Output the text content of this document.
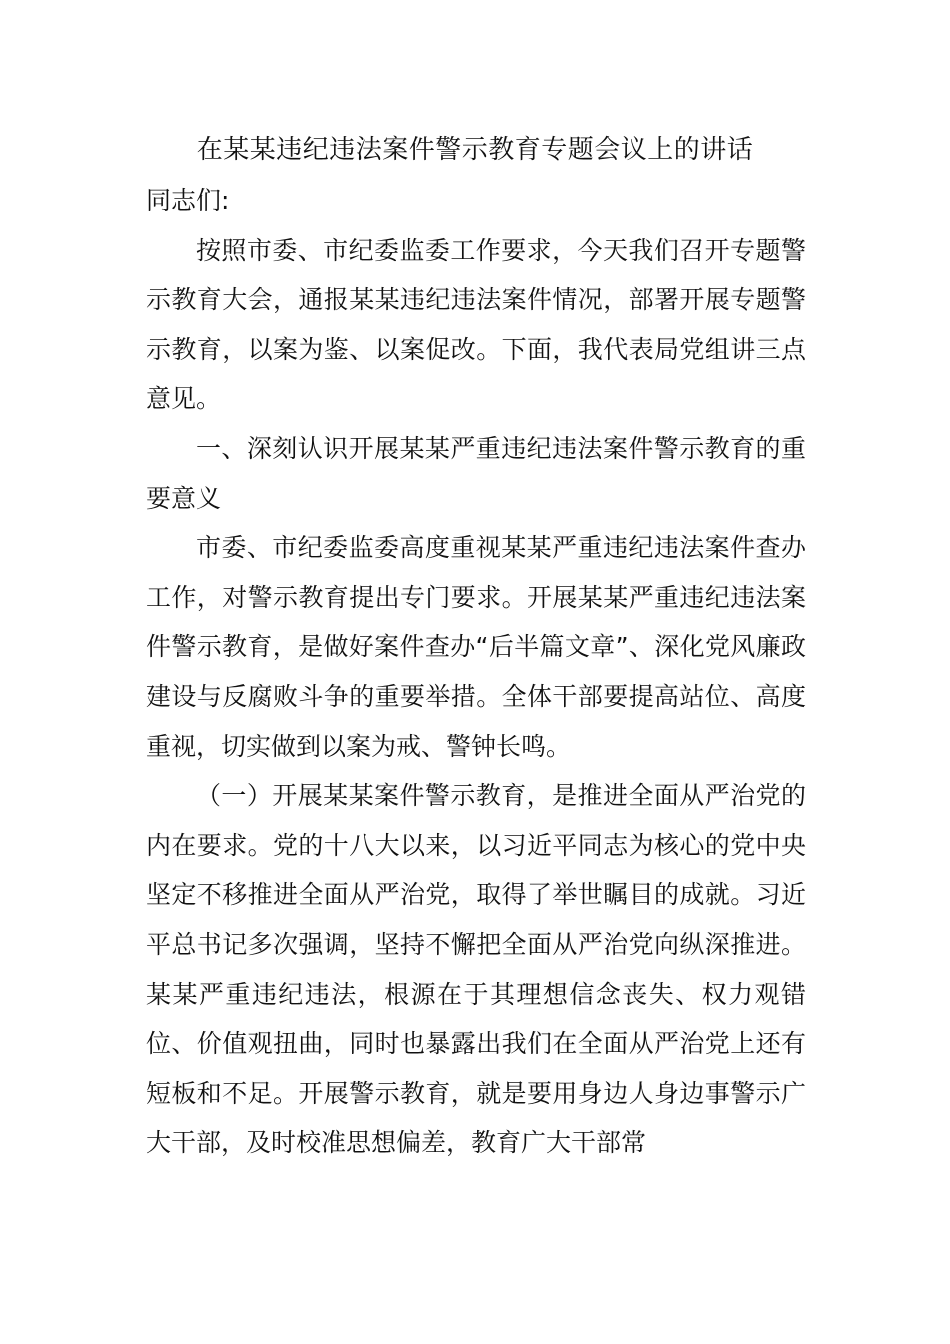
在某某违纪违法案件警示教育专题会议上的讲话

同志们:

按照市委、市纪委监委工作要求，今天我们召开专题警示教育大会，通报某某违纪违法案件情况，部署开展专题警示教育，以案为鉴、以案促改。下面，我代表局党组讲三点意见。

一、深刻认识开展某某严重违纪违法案件警示教育的重要意义

市委、市纪委监委高度重视某某严重违纪违法案件查办工作，对警示教育提出专门要求。开展某某严重违纪违法案件警示教育，是做好案件查办“后半篇文章”、深化党风廉政建设与反腐败斗争的重要举措。全体干部要提高站位、高度重视，切实做到以案为戒、警钟长鸣。

（一）开展某某案件警示教育，是推进全面从严治党的内在要求。党的十八大以来，以习近平同志为核心的党中央坚定不移推进全面从严治党，取得了举世瞩目的成就。习近平总书记多次强调，坚持不懈把全面从严治党向纵深推进。某某严重违纪违法，根源在于其理想信念丧失、权力观错位、价值观扭曲，同时也暴露出我们在全面从严治党上还有短板和不足。开展警示教育，就是要用身边人身边事警示广大干部，及时校准思想偏差，教育广大干部常
